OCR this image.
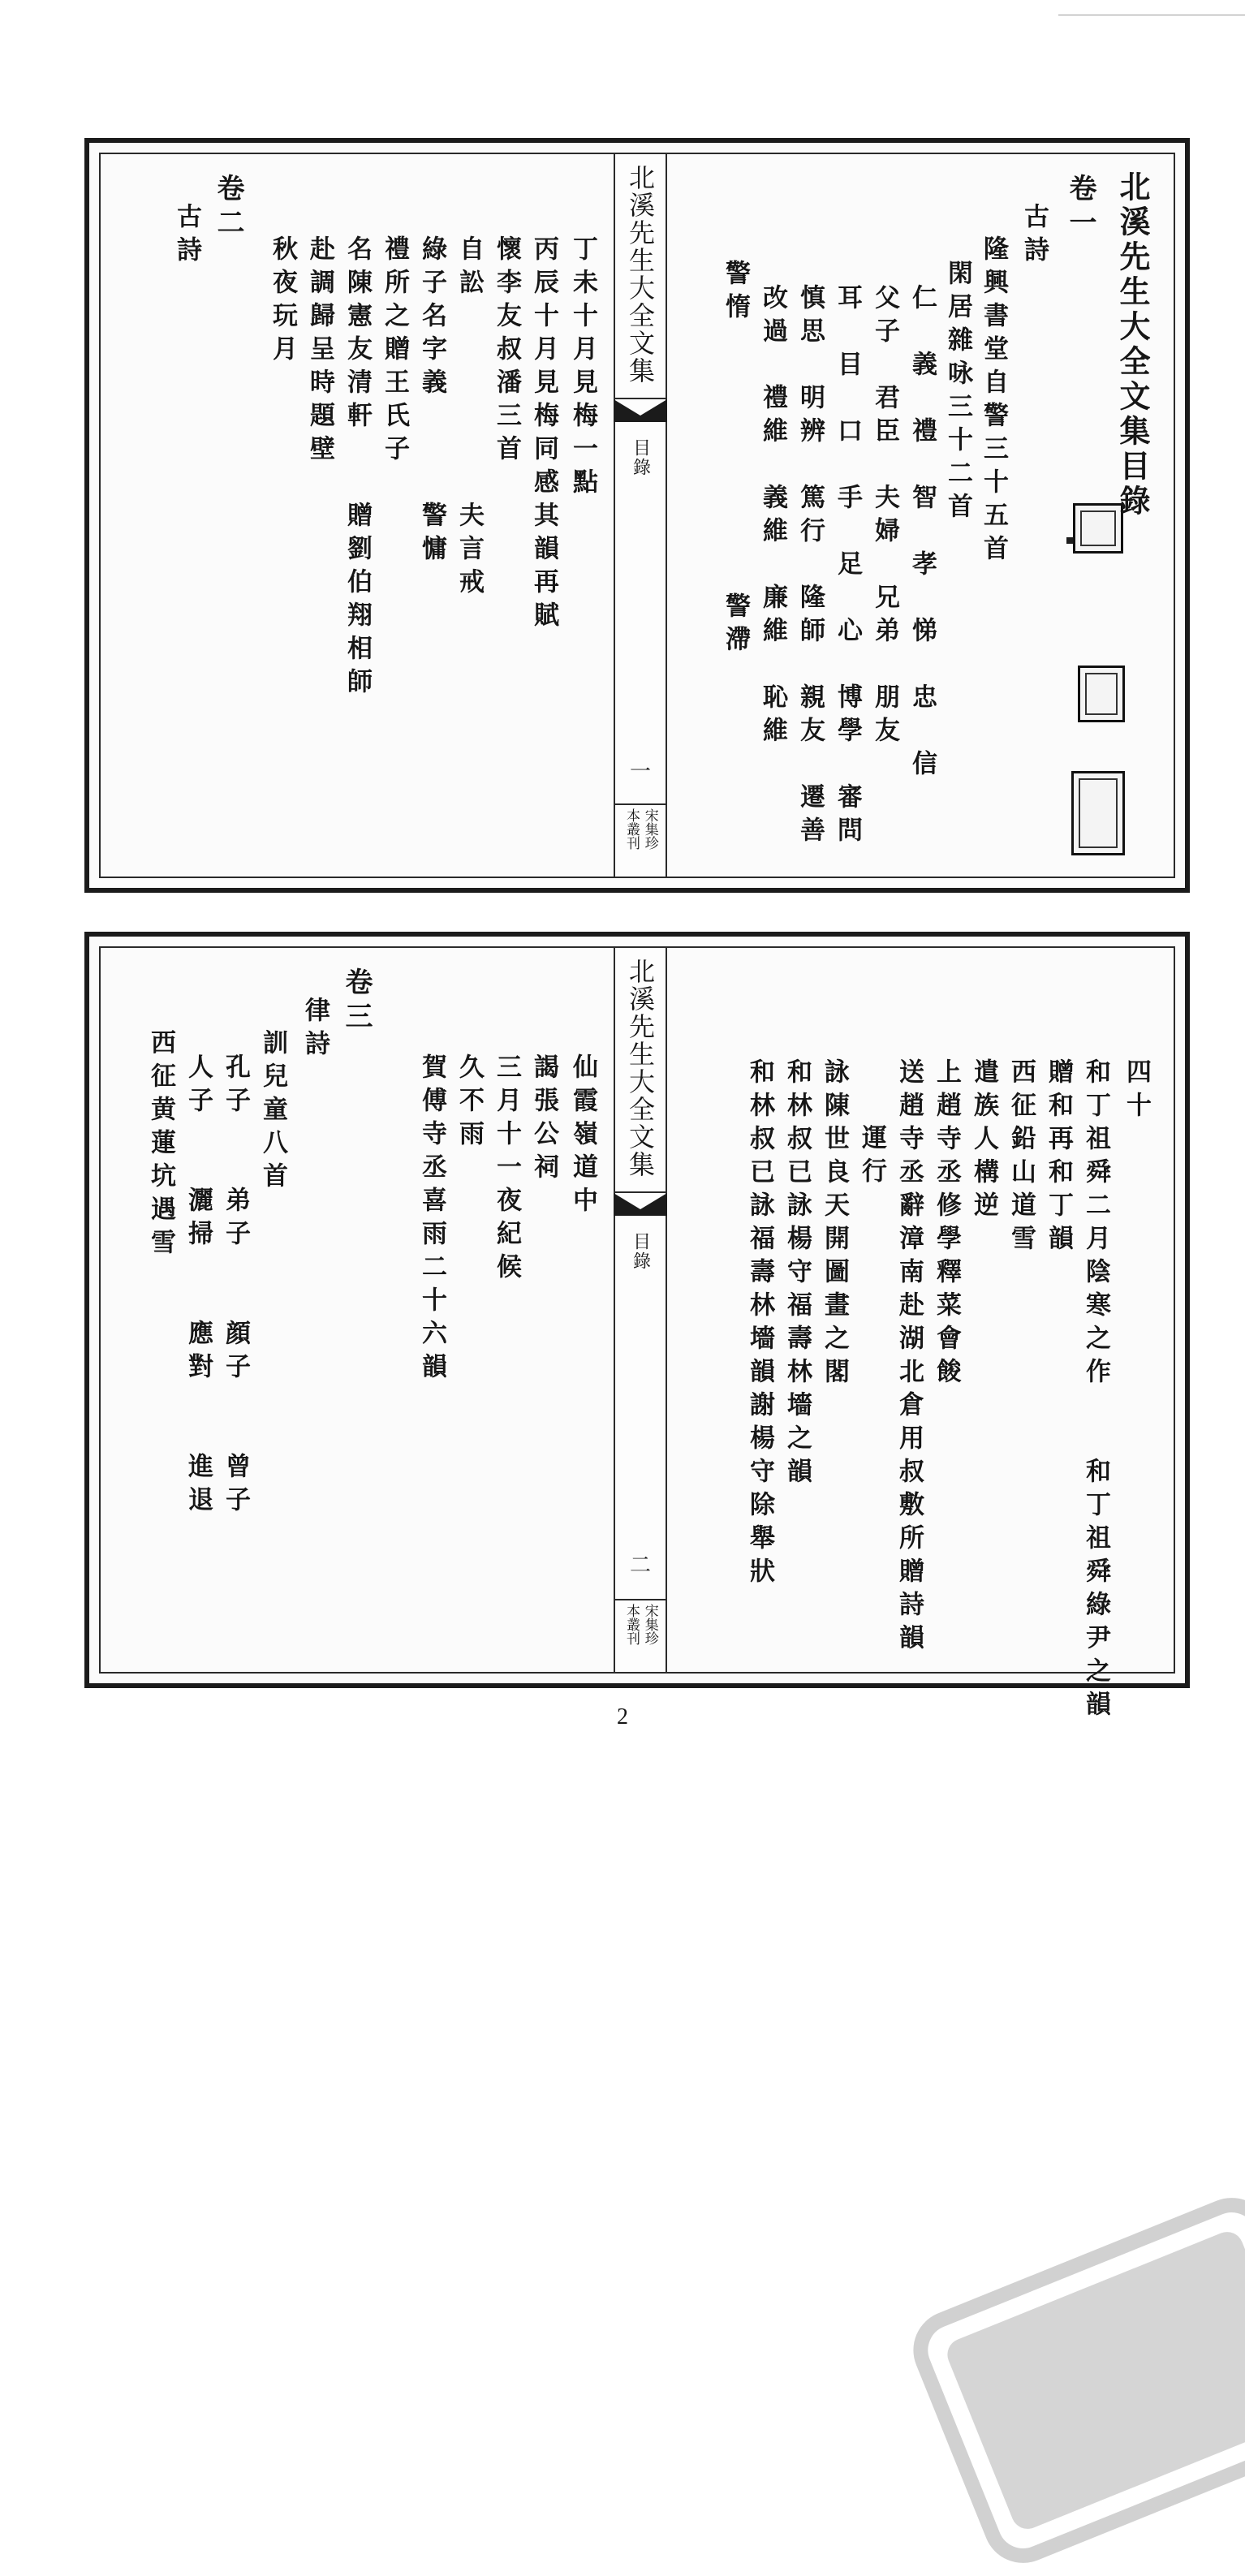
北溪先生大全文集目錄
卷一
古詩
隆興書堂自警三十五首
閑居雜咏三十二首
仁　義　禮　智　孝　悌　忠　信
父子　君臣　夫婦　兄弟　朋友
耳　目　口　手　足　心　博學　審問
慎思　明辨　篤行　隆師　親友　遷善
改過　禮維　義維　廉維　恥維
警惰　　　　　　　　警滯
北溪先生大全文集
目錄
一
本叢刊 宋集珍
丁未十月見梅一點
丙辰十月見梅同感其韻再賦
懷李友叔潘三首
自訟　　　　　　夫言戒
綠子名字義　　　警慵
禮所之贈王氏子
名陳憲友清軒　　贈劉伯翔相師
赴調歸呈時題壁
秋夜玩月
卷二
古詩
四十
和丁祖舜二月陰寒之作　　和丁祖舜綠尹之韻
贈和再和丁韻
西征鉛山道雪
遣族人構逆
上趙寺丞修學釋菜會餕
送趙寺丞辭漳南赴湖北倉用叔敷所贈詩韻
　運行
詠陳世良天開圖畫之閣
和林叔已詠楊守福壽林墻之韻
和林叔已詠福壽林墻韻謝楊守除舉狀
北溪先生大全文集
目錄
二
本叢刊 宋集珍
仙霞嶺道中
謁張公祠
三月十一夜紀候
久不雨
賀傅寺丞喜雨二十六韻
卷三
律詩
訓兒童八首
孔子　　弟子　　顔子　　曾子
人子　　灑掃　　應對　　進退
西征黄蓮坑遇雪
2
